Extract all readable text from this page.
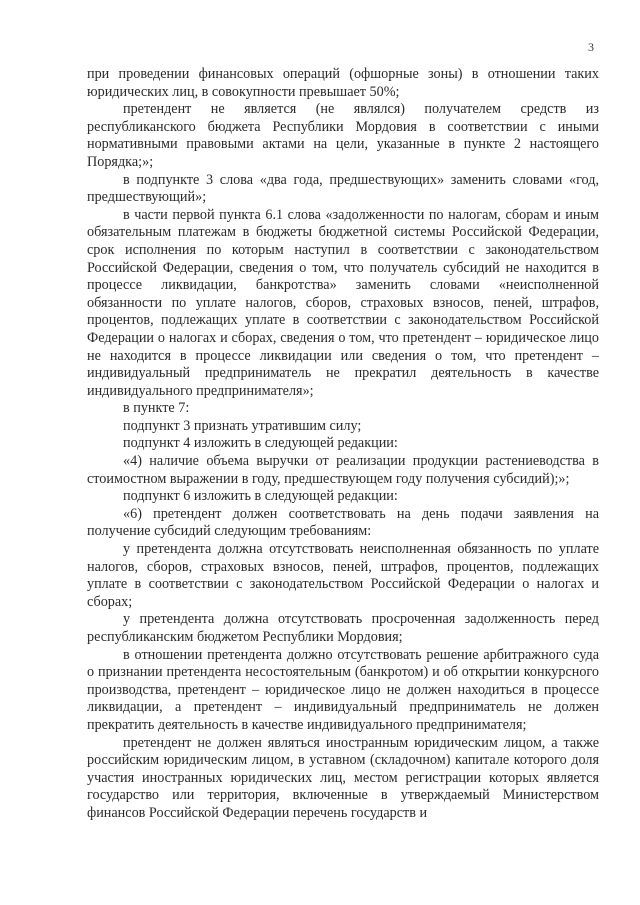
3

при проведении финансовых операций (офшорные зоны) в отношении таких юридических лиц, в совокупности превышает 50%;

претендент не является (не являлся) получателем средств из республиканского бюджета Республики Мордовия в соответствии с иными нормативными правовыми актами на цели, указанные в пункте 2 настоящего Порядка;»;

в подпункте 3 слова «два года, предшествующих» заменить словами «год, предшествующий»;

в части первой пункта 6.1 слова «задолженности по налогам, сборам и иным обязательным платежам в бюджеты бюджетной системы Российской Федерации, срок исполнения по которым наступил в соответствии с законодательством Российской Федерации, сведения о том, что получатель субсидий не находится в процессе ликвидации, банкротства» заменить словами «неисполненной обязанности по уплате налогов, сборов, страховых взносов, пеней, штрафов, процентов, подлежащих уплате в соответствии с законодательством Российской Федерации о налогах и сборах, сведения о том, что претендент – юридическое лицо не находится в процессе ликвидации или сведения о том, что претендент – индивидуальный предприниматель не прекратил деятельность в качестве индивидуального предпринимателя»;

в пункте 7:

подпункт 3 признать утратившим силу;

подпункт 4 изложить в следующей редакции:

«4) наличие объема выручки от реализации продукции растениеводства в стоимостном выражении в году, предшествующем году получения субсидий);»;

подпункт 6 изложить в следующей редакции:

«6) претендент должен соответствовать на день подачи заявления на получение субсидий следующим требованиям:

у претендента должна отсутствовать неисполненная обязанность по уплате налогов, сборов, страховых взносов, пеней, штрафов, процентов, подлежащих уплате в соответствии с законодательством Российской Федерации о налогах и сборах;

у претендента должна отсутствовать просроченная задолженность перед республиканским бюджетом Республики Мордовия;

в отношении претендента должно отсутствовать решение арбитражного суда о признании претендента несостоятельным (банкротом) и об открытии конкурсного производства, претендент – юридическое лицо не должен находиться в процессе ликвидации, а претендент – индивидуальный предприниматель не должен прекратить деятельность в качестве индивидуального предпринимателя;

претендент не должен являться иностранным юридическим лицом, а также российским юридическим лицом, в уставном (складочном) капитале которого доля участия иностранных юридических лиц, местом регистрации которых является государство или территория, включенные в утверждаемый Министерством финансов Российской Федерации перечень государств и
